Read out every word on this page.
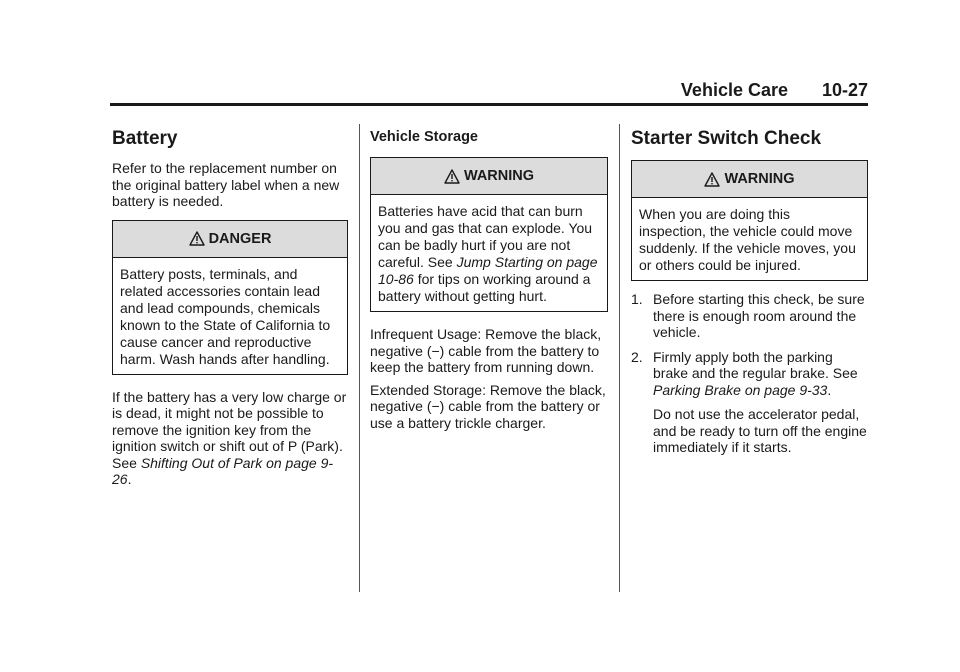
Vehicle Care 10-27
Battery

Refer to the replacement number on the original battery label when a new battery is needed.

DANGER
Battery posts, terminals, and related accessories contain lead and lead compounds, chemicals known to the State of California to cause cancer and reproductive harm. Wash hands after handling.

If the battery has a very low charge or is dead, it might not be possible to remove the ignition key from the ignition switch or shift out of P (Park). See Shifting Out of Park on page 9-26.

Vehicle Storage
WARNING
Batteries have acid that can burn you and gas that can explode. You can be badly hurt if you are not careful. See Jump Starting on page 10-86 for tips on working around a battery without getting hurt.

Infrequent Usage: Remove the black, negative (−) cable from the battery to keep the battery from running down.

Extended Storage: Remove the black, negative (−) cable from the battery or use a battery trickle charger.

Starter Switch Check
WARNING
When you are doing this inspection, the vehicle could move suddenly. If the vehicle moves, you or others could be injured.
1. Before starting this check, be sure there is enough room around the vehicle.
2. Firmly apply both the parking brake and the regular brake. See Parking Brake on page 9-33.
Do not use the accelerator pedal, and be ready to turn off the engine immediately if it starts.
